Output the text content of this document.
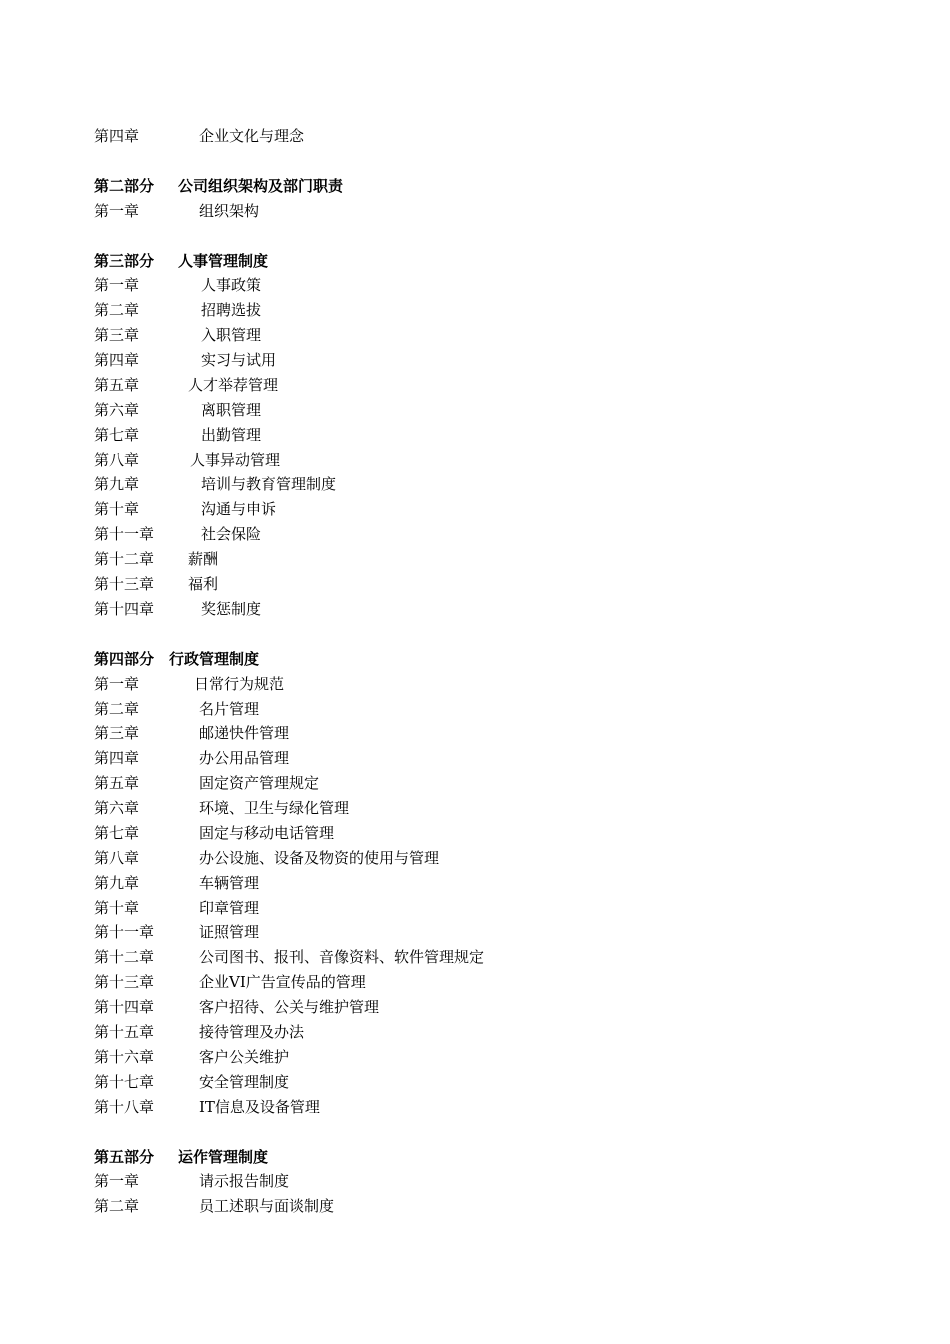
第四章	企业文化与理念
第二部分 公司组织架构及部门职责
第一章	组织架构
第三部分 人事管理制度
第一章	人事政策
第二章	招聘选拔
第三章	入职管理
第四章	实习与试用
第五章	人才举荐管理
第六章	离职管理
第七章	出勤管理
第八章	人事异动管理
第九章	培训与教育管理制度
第十章	沟通与申诉
第十一章	社会保险
第十二章 薪酬
第十三章 福利
第十四章	奖惩制度
第四部分 行政管理制度
第一章	日常行为规范
第二章	名片管理
第三章	邮递快件管理
第四章	办公用品管理
第五章	固定资产管理规定
第六章	环境、卫生与绿化管理
第七章	固定与移动电话管理
第八章	办公设施、设备及物资的使用与管理
第九章	车辆管理
第十章	印章管理
第十一章	证照管理
第十二章	公司图书、报刊、音像资料、软件管理规定
第十三章	企业VI广告宣传品的管理
第十四章	客户招待、公关与维护管理
第十五章	接待管理及办法
第十六章	客户公关维护
第十七章	安全管理制度
第十八章	IT信息及设备管理
第五部分 运作管理制度
第一章	请示报告制度
第二章	员工述职与面谈制度
